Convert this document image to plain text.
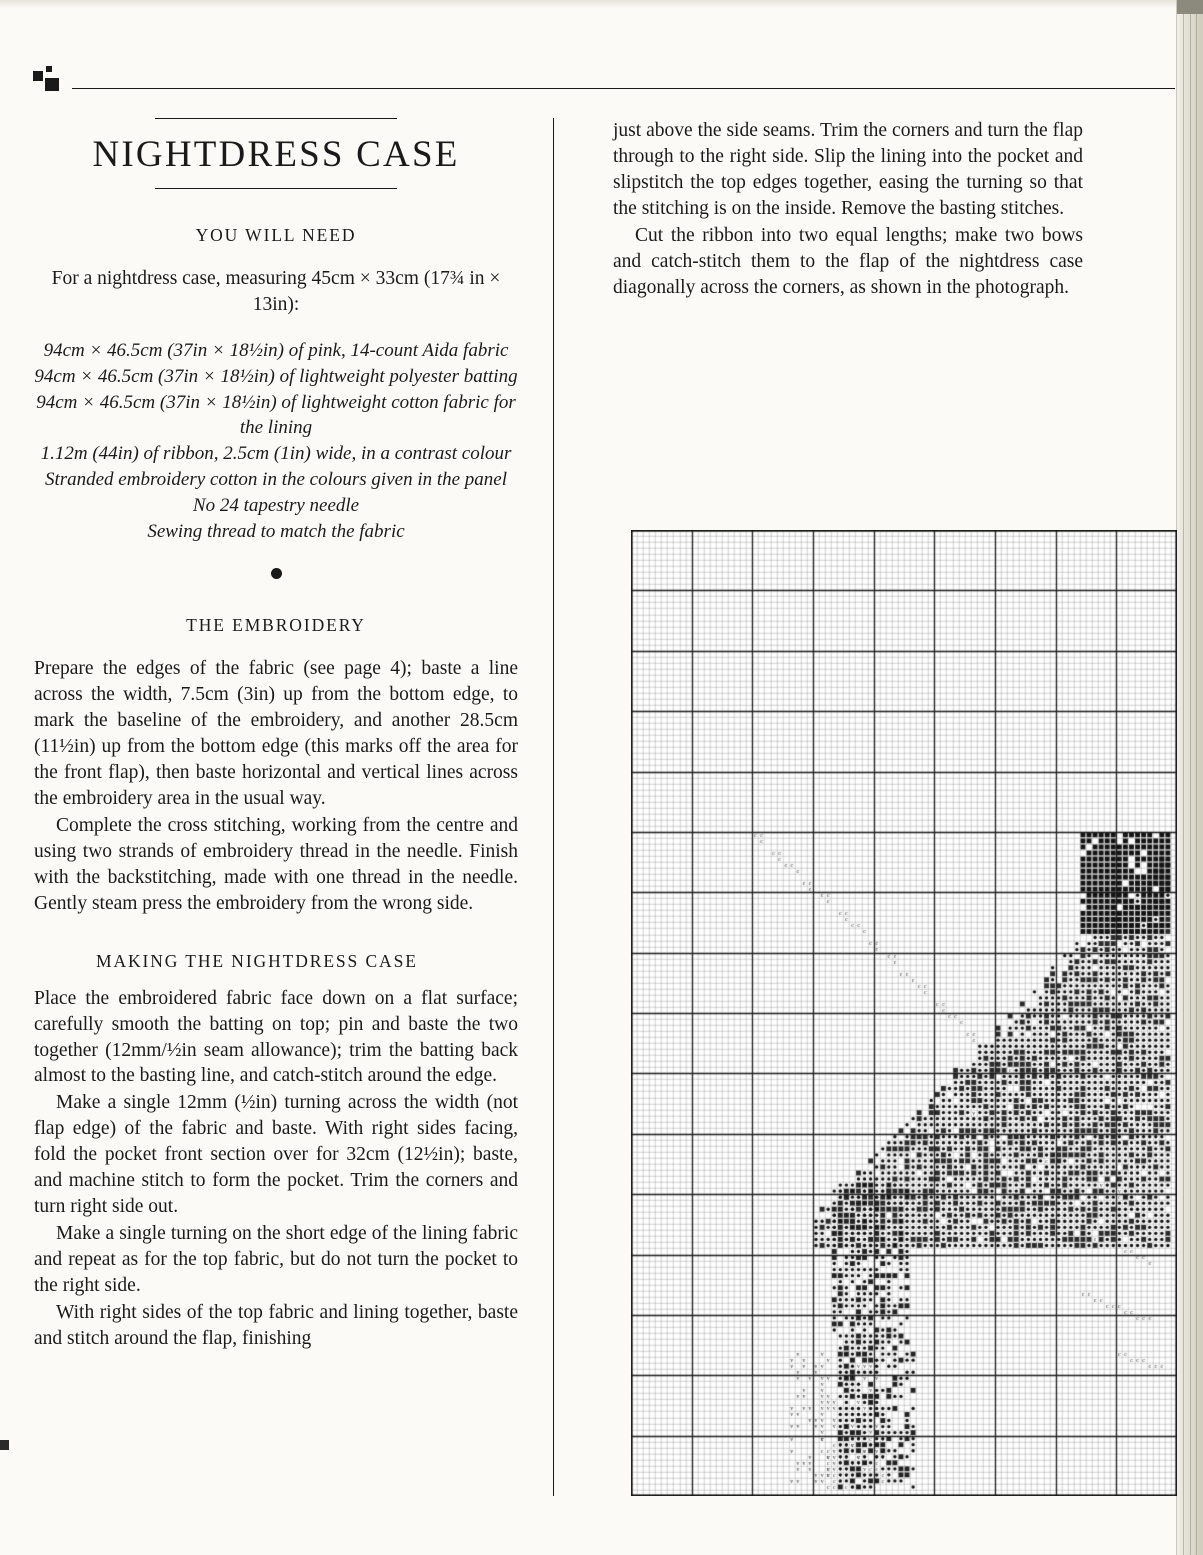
NIGHTDRESS CASE
YOU WILL NEED

For a nightdress case, measuring 45cm × 33cm (17¾ in × 13in):

94cm × 46.5cm (37in × 18½in) of pink, 14-count Aida fabric
94cm × 46.5cm (37in × 18½in) of lightweight polyester batting
94cm × 46.5cm (37in × 18½in) of lightweight cotton fabric for the lining
1.12m (44in) of ribbon, 2.5cm (1in) wide, in a contrast colour
Stranded embroidery cotton in the colours given in the panel
No 24 tapestry needle
Sewing thread to match the fabric
THE EMBROIDERY

Prepare the edges of the fabric (see page 4); baste a line across the width, 7.5cm (3in) up from the bottom edge, to mark the baseline of the embroidery, and another 28.5cm (11½in) up from the bottom edge (this marks off the area for the front flap), then baste horizontal and vertical lines across the embroidery area in the usual way.

Complete the cross stitching, working from the centre and using two strands of embroidery thread in the needle. Finish with the backstitching, made with one thread in the needle. Gently steam press the embroidery from the wrong side.

MAKING THE NIGHTDRESS CASE

Place the embroidered fabric face down on a flat surface; carefully smooth the batting on top; pin and baste the two together (12mm/½in seam allowance); trim the batting back almost to the basting line, and catch-stitch around the edge.

Make a single 12mm (½in) turning across the width (not flap edge) of the fabric and baste. With right sides facing, fold the pocket front section over for 32cm (12½in); baste, and machine stitch to form the pocket. Trim the corners and turn right side out.

Make a single turning on the short edge of the lining fabric and repeat as for the top fabric, but do not turn the pocket to the right side.

With right sides of the top fabric and lining together, baste and stitch around the flap, finishing

just above the side seams. Trim the corners and turn the flap through to the right side. Slip the lining into the pocket and slipstitch the top edges together, easing the turning so that the stitching is on the inside. Remove the basting stitches.

Cut the ribbon into two equal lengths; make two bows and catch-stitch them to the flap of the nightdress case diagonally across the corners, as shown in the photograph.
